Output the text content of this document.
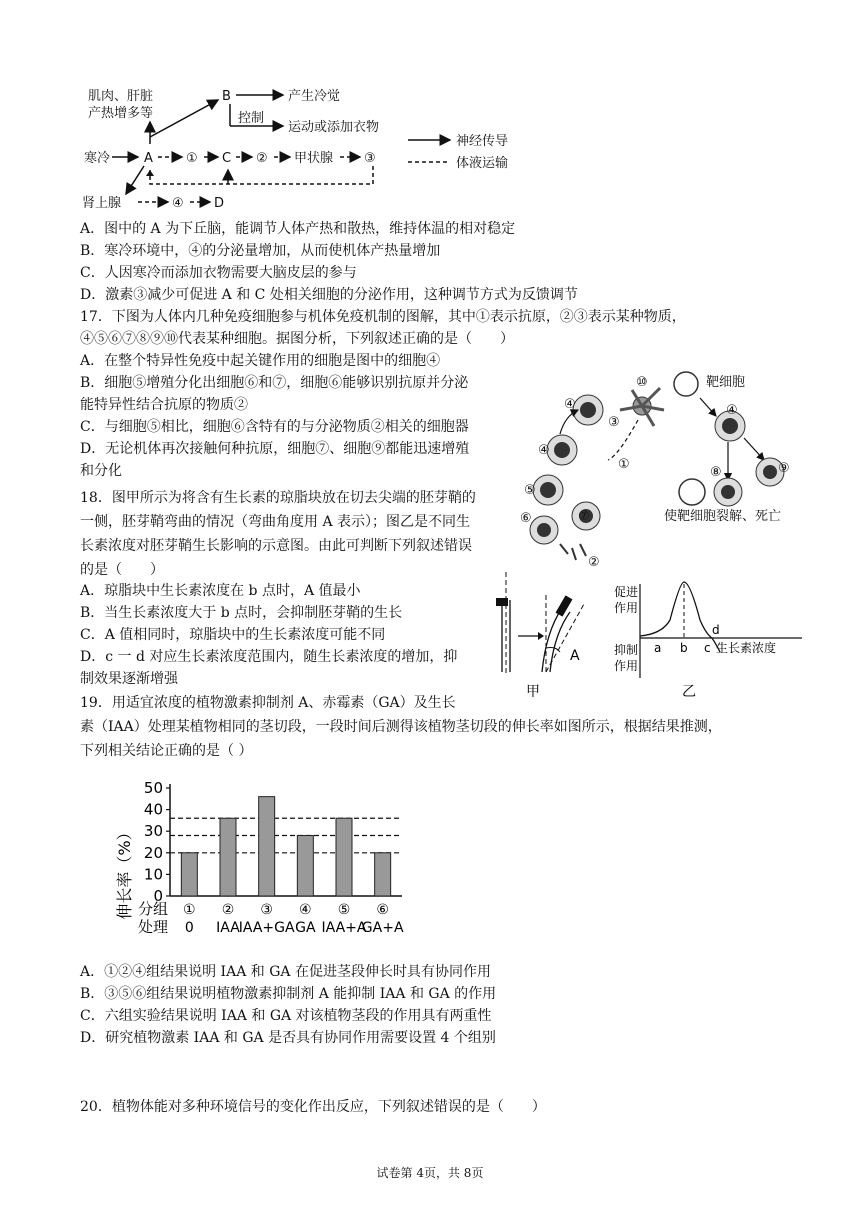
肌肉、肝脏
产热增多等
B	产生冷觉
控制
运动或添加衣物
寒冷	A	① C ② 甲状腺 ③
肾上腺	④ D
神经传导
体液运输
A．图中的 A 为下丘脑，能调节人体产热和散热，维持体温的相对稳定
B．寒冷环境中，④的分泌量增加，从而使机体产热量增加
C．人因寒冷而添加衣物需要大脑皮层的参与
D．激素③减少可促进 A 和 C 处相关细胞的分泌作用，这种调节方式为反馈调节
17．下图为人体内几种免疫细胞参与机体免疫机制的图解，其中①表示抗原，②③表示某种物质，
④⑤⑥⑦⑧⑨⑩代表某种细胞。据图分析，下列叙述正确的是（　　）
A．在整个特异性免疫中起关键作用的细胞是图中的细胞④
B．细胞⑤增殖分化出细胞⑥和⑦，细胞⑥能够识别抗原并分泌
能特异性结合抗原的物质②
C．与细胞⑤相比，细胞⑥含特有的与分泌物质②相关的细胞器
D．无论机体再次接触何种抗原，细胞⑦、细胞⑨都能迅速增殖
和分化
④
③
⑩
④
①
⑤
⑦
⑥
②
靶细胞
④
⑨
⑧
使靶细胞裂解、死亡
18．图甲所示为将含有生长素的琼脂块放在切去尖端的胚芽鞘的
一侧，胚芽鞘弯曲的情况（弯曲角度用 A 表示）；图乙是不同生
长素浓度对胚芽鞘生长影响的示意图。由此可判断下列叙述错误
的是（　　）
A．琼脂块中生长素浓度在 b 点时，A 值最小
B．当生长素浓度大于 b 点时，会抑制胚芽鞘的生长
C．A 值相同时，琼脂块中的生长素浓度可能不同
D．c 一 d 对应生长素浓度范围内，随生长素浓度的增加，抑
制效果逐渐增强
A
甲
促进
作用
抑制
作用
a b c
d
生长素浓度
乙
19．用适宜浓度的植物激素抑制剂 A、赤霉素（GA）及生长
素（IAA）处理某植物相同的茎切段，一段时间后测得该植物茎切段的伸长率如图所示，根据结果推测，
下列相关结论正确的是（ ）
伸长率（%） 0
10
20
30
40
50
①
0
②
IAA
③
IAA+GA
④
GA
⑤
IAA+A
⑥
GA+A
分组
处理
A．①②④组结果说明 IAA 和 GA 在促进茎段伸长时具有协同作用
B．③⑤⑥组结果说明植物激素抑制剂 A 能抑制 IAA 和 GA 的作用
C．六组实验结果说明 IAA 和 GA 对该植物茎段的作用具有两重性
D．研究植物激素 IAA 和 GA 是否具有协同作用需要设置 4 个组别
20．植物体能对多种环境信号的变化作出反应，下列叙述错误的是（　　）
试卷第 4页，共 8页
